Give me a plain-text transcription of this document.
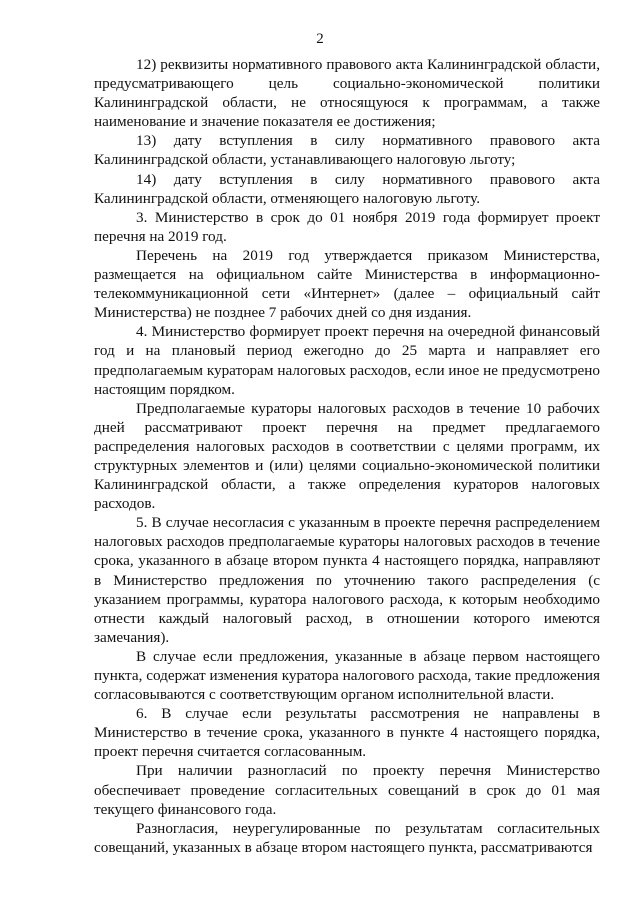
2

12) реквизиты нормативного правового акта Калининградской области, предусматривающего цель социально-экономической политики Калининградской области, не относящуюся к программам, а также наименование и значение показателя ее достижения;

13) дату вступления в силу нормативного правового акта Калининградской области, устанавливающего налоговую льготу;

14) дату вступления в силу нормативного правового акта Калининградской области, отменяющего налоговую льготу.

3. Министерство в срок до 01 ноября 2019 года формирует проект перечня на 2019 год.

Перечень на 2019 год утверждается приказом Министерства, размещается на официальном сайте Министерства в информационно-телекоммуникационной сети «Интернет» (далее – официальный сайт Министерства) не позднее 7 рабочих дней со дня издания.

4. Министерство формирует проект перечня на очередной финансовый год и на плановый период ежегодно до 25 марта и направляет его предполагаемым кураторам налоговых расходов, если иное не предусмотрено настоящим порядком.

Предполагаемые кураторы налоговых расходов в течение 10 рабочих дней рассматривают проект перечня на предмет предлагаемого распределения налоговых расходов в соответствии с целями программ, их структурных элементов и (или) целями социально-экономической политики Калининградской области, а также определения кураторов налоговых расходов.

5. В случае несогласия с указанным в проекте перечня распределением налоговых расходов предполагаемые кураторы налоговых расходов в течение срока, указанного в абзаце втором пункта 4 настоящего порядка, направляют в Министерство предложения по уточнению такого распределения (с указанием программы, куратора налогового расхода, к которым необходимо отнести каждый налоговый расход, в отношении которого имеются замечания).

В случае если предложения, указанные в абзаце первом настоящего пункта, содержат изменения куратора налогового расхода, такие предложения согласовываются с соответствующим органом исполнительной власти.

6. В случае если результаты рассмотрения не направлены в Министерство в течение срока, указанного в пункте 4 настоящего порядка, проект перечня считается согласованным.

При наличии разногласий по проекту перечня Министерство обеспечивает проведение согласительных совещаний в срок до 01 мая текущего финансового года.

Разногласия, неурегулированные по результатам согласительных совещаний, указанных в абзаце втором настоящего пункта, рассматриваются
